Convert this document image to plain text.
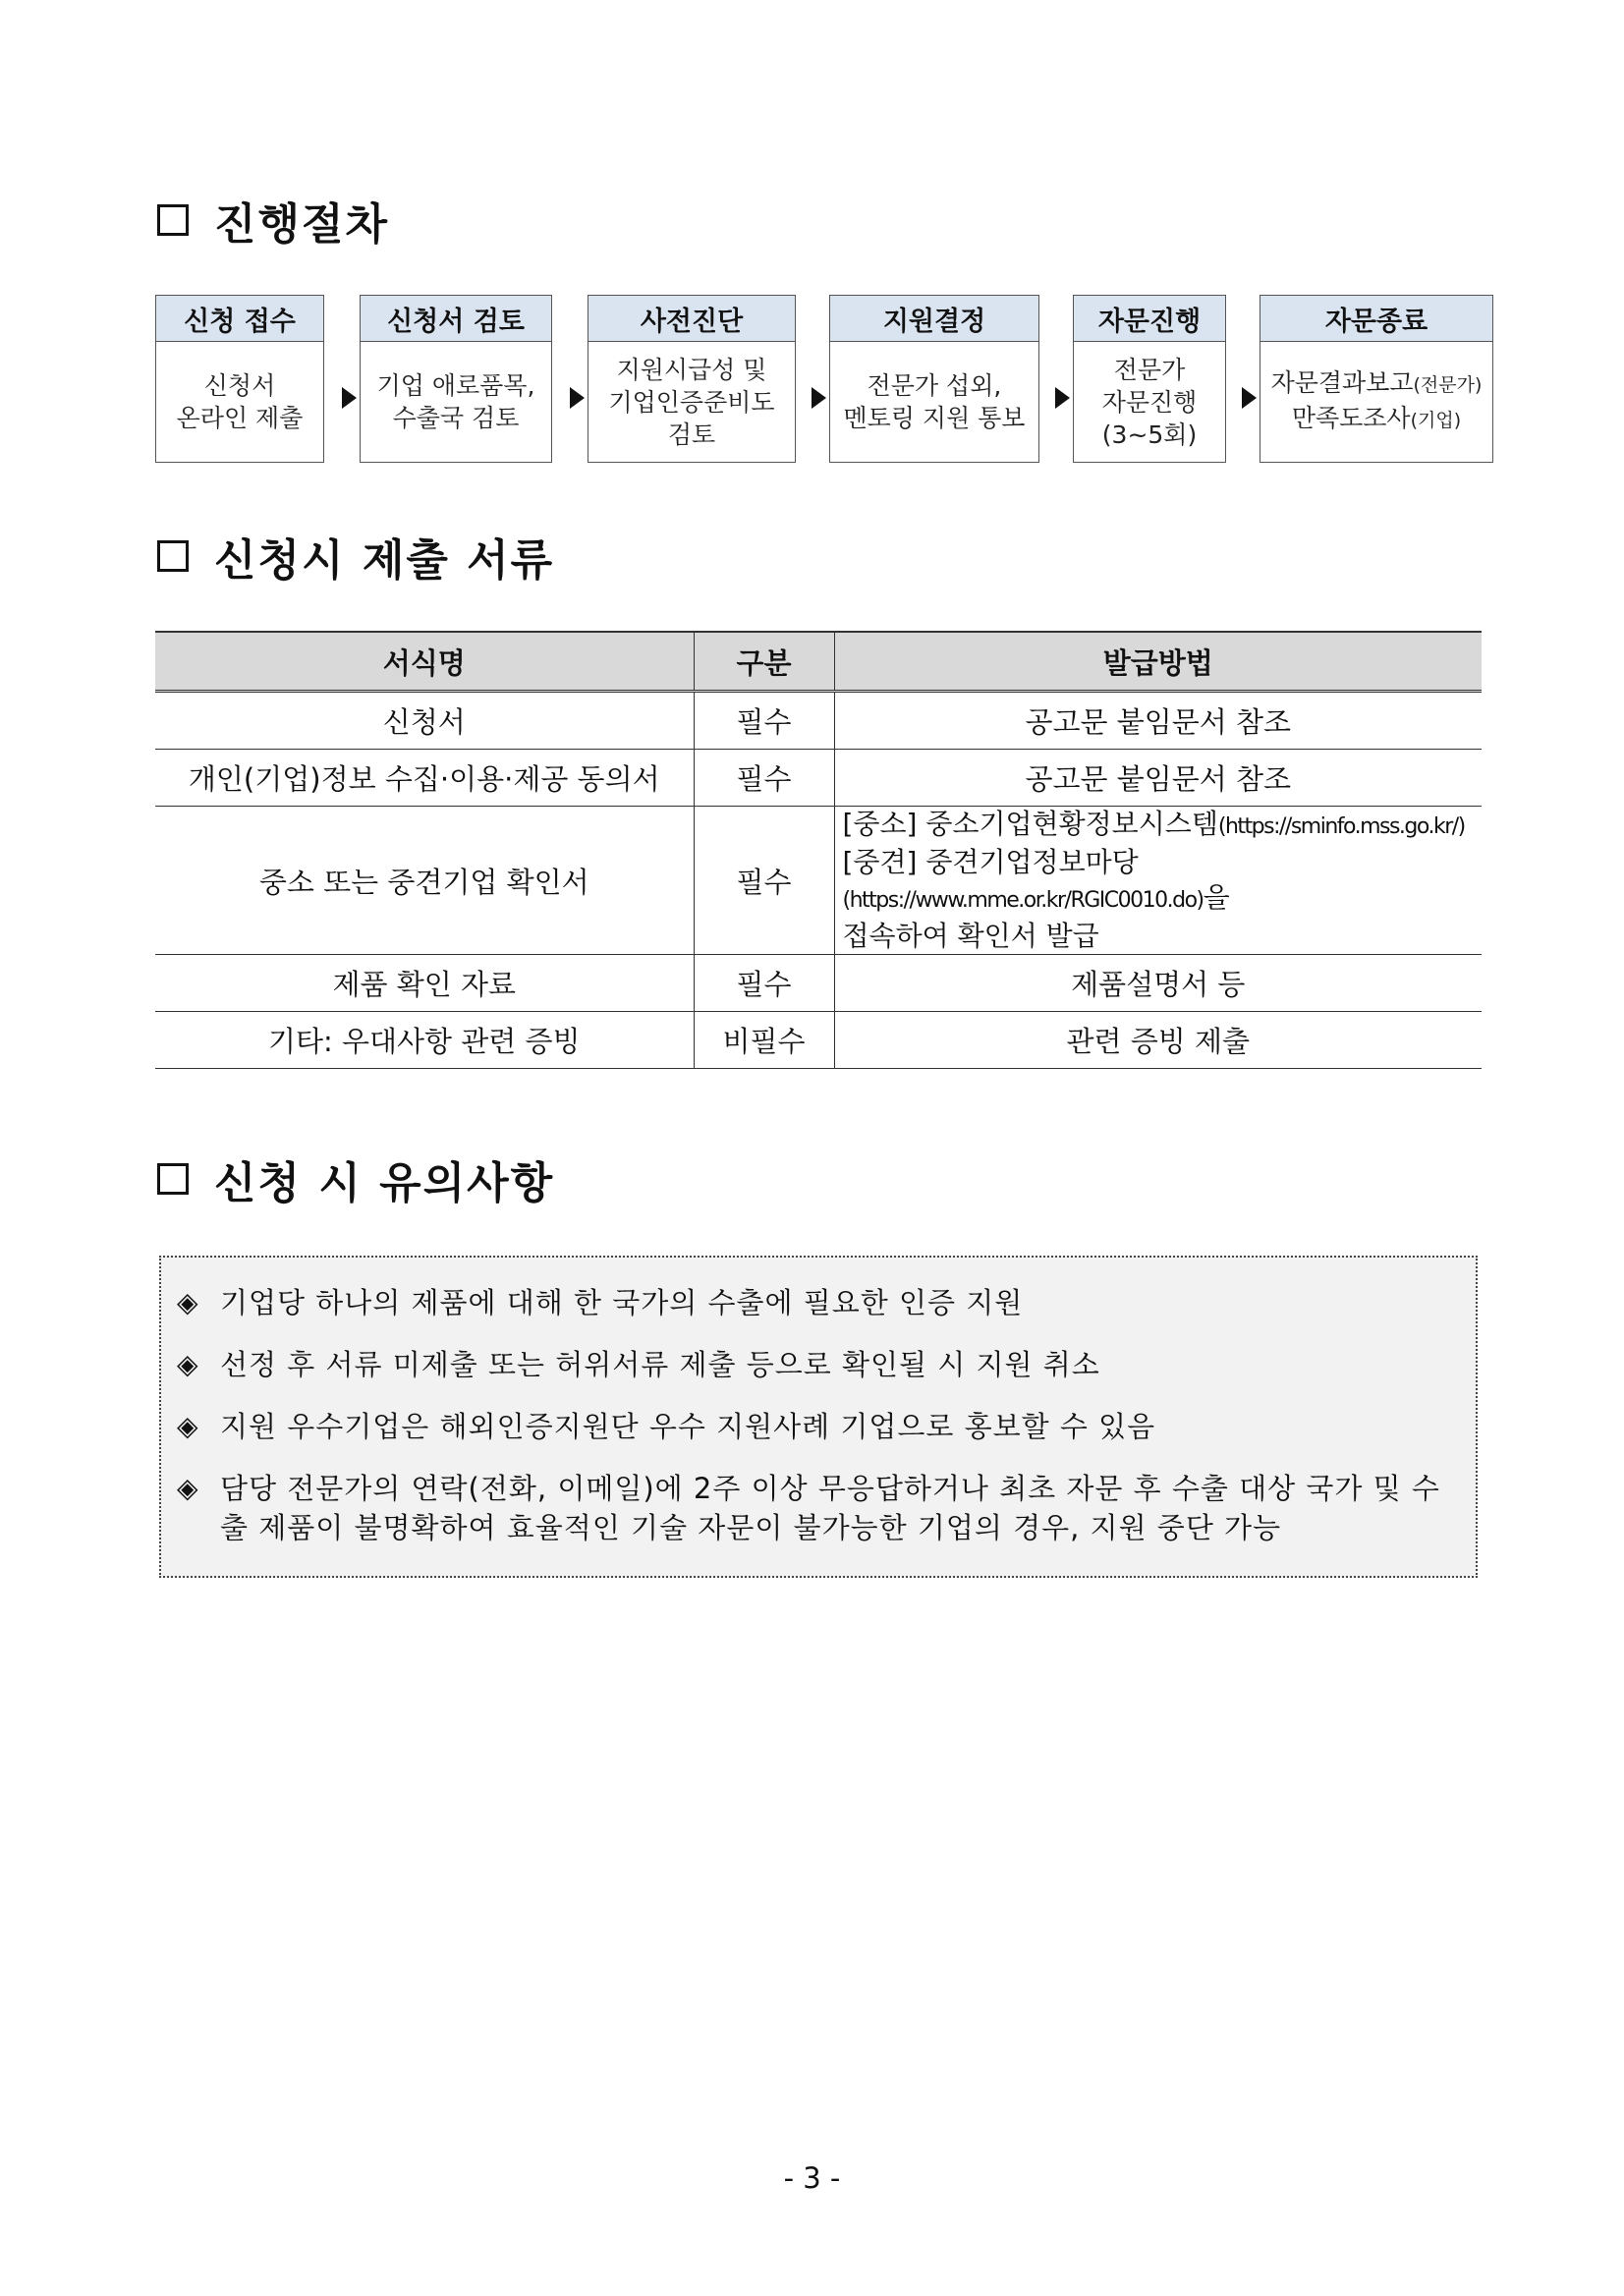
진행절차
신청 접수
신청서
온라인 제출
신청서 검토
기업 애로품목,
수출국 검토
사전진단
지원시급성 및
기업인증준비도
검토
지원결정
전문가 섭외,
멘토링 지원 통보
자문진행
전문가
자문진행
(3~5회)
자문종료
자문결과보고(전문가)
만족도조사(기업)
신청시 제출 서류
서식명	구분	발급방법
신청서	필수	공고문 붙임문서 참조
개인(기업)정보 수집·이용·제공 동의서	필수	공고문 붙임문서 참조
중소 또는 중견기업 확인서	필수	[중소] 중소기업현황정보시스템(https://sminfo.mss.go.kr/)
[중견] 중견기업정보마당(https://www.mme.or.kr/RGIC0010.do)을
접속하여 확인서 발급
제품 확인 자료	필수	제품설명서 등
기타: 우대사항 관련 증빙	비필수	관련 증빙 제출
신청 시 유의사항
◈ 기업당 하나의 제품에 대해 한 국가의 수출에 필요한 인증 지원
◈ 선정 후 서류 미제출 또는 허위서류 제출 등으로 확인될 시 지원 취소
◈ 지원 우수기업은 해외인증지원단 우수 지원사례 기업으로 홍보할 수 있음
◈ 담당 전문가의 연락(전화, 이메일)에 2주 이상 무응답하거나 최초 자문 후 수출 대상 국가 및 수출 제품이 불명확하여 효율적인 기술 자문이 불가능한 기업의 경우, 지원 중단 가능
- 3 -
